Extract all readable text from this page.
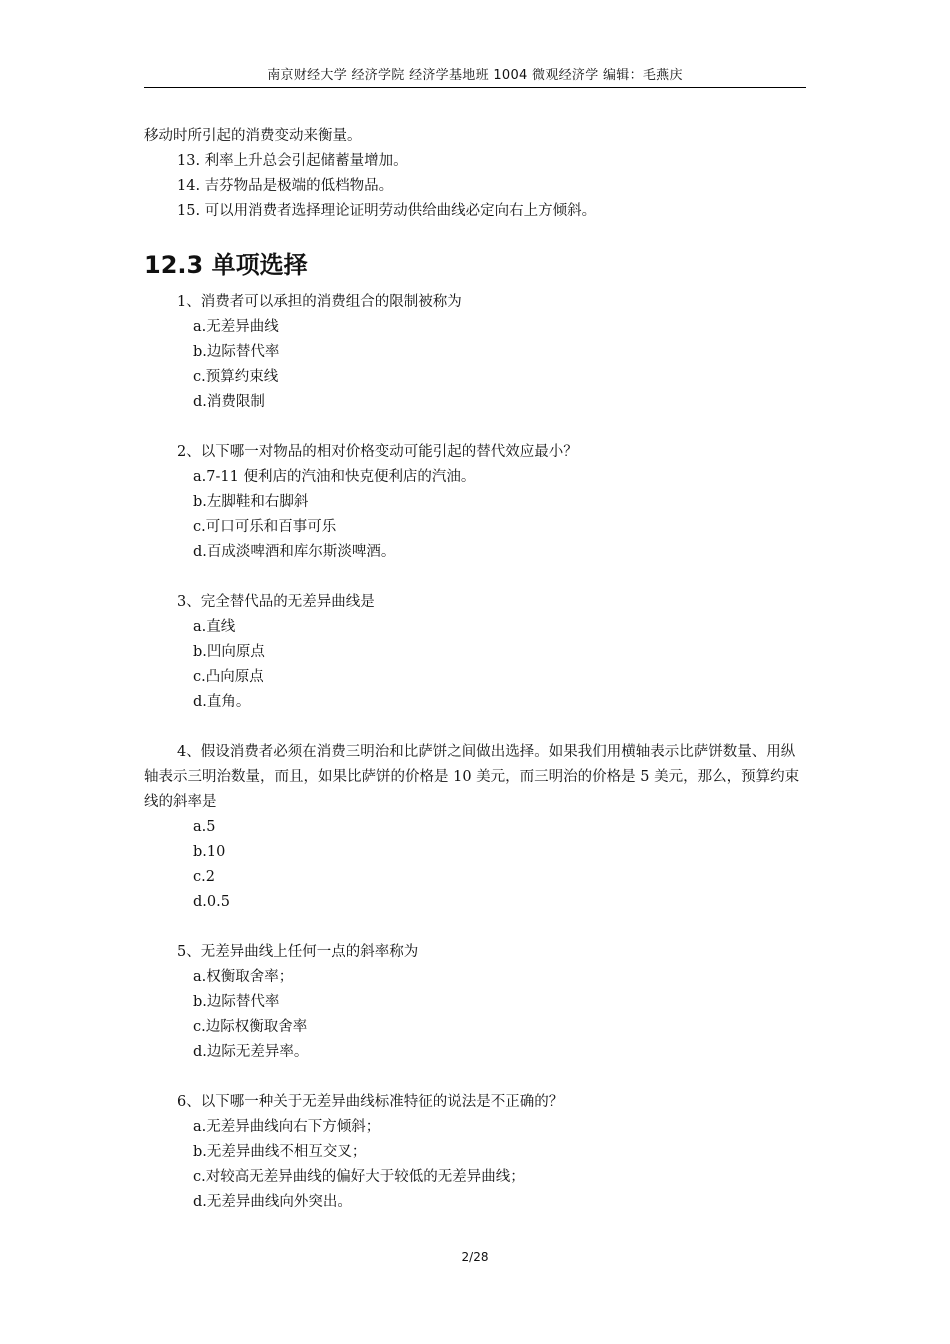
南京财经大学 经济学院 经济学基地班 1004 微观经济学 编辑：毛燕庆

移动时所引起的消费变动来衡量。

13. 利率上升总会引起储蓄量增加。

14. 吉芬物品是极端的低档物品。

15. 可以用消费者选择理论证明劳动供给曲线必定向右上方倾斜。

12.3 单项选择
1、消费者可以承担的消费组合的限制被称为
a.无差异曲线
b.边际替代率
c.预算约束线
d.消费限制
2、以下哪一对物品的相对价格变动可能引起的替代效应最小？
a.7-11 便利店的汽油和快克便利店的汽油。
b.左脚鞋和右脚斜
c.可口可乐和百事可乐
d.百成淡啤酒和库尔斯淡啤酒。
3、完全替代品的无差异曲线是
a.直线
b.凹向原点
c.凸向原点
d.直角。
4、假设消费者必须在消费三明治和比萨饼之间做出选择。如果我们用横轴表示比萨饼数量、用纵轴表示三明治数量，而且，如果比萨饼的价格是 10 美元，而三明治的价格是 5 美元，那么，预算约束线的斜率是
a.5
b.10
c.2
d.0.5
5、无差异曲线上任何一点的斜率称为
a.权衡取舍率；
b.边际替代率
c.边际权衡取舍率
d.边际无差异率。
6、以下哪一种关于无差异曲线标准特征的说法是不正确的？
a.无差异曲线向右下方倾斜；
b.无差异曲线不相互交叉；
c.对较高无差异曲线的偏好大于较低的无差异曲线；
d.无差异曲线向外突出。
2/28
